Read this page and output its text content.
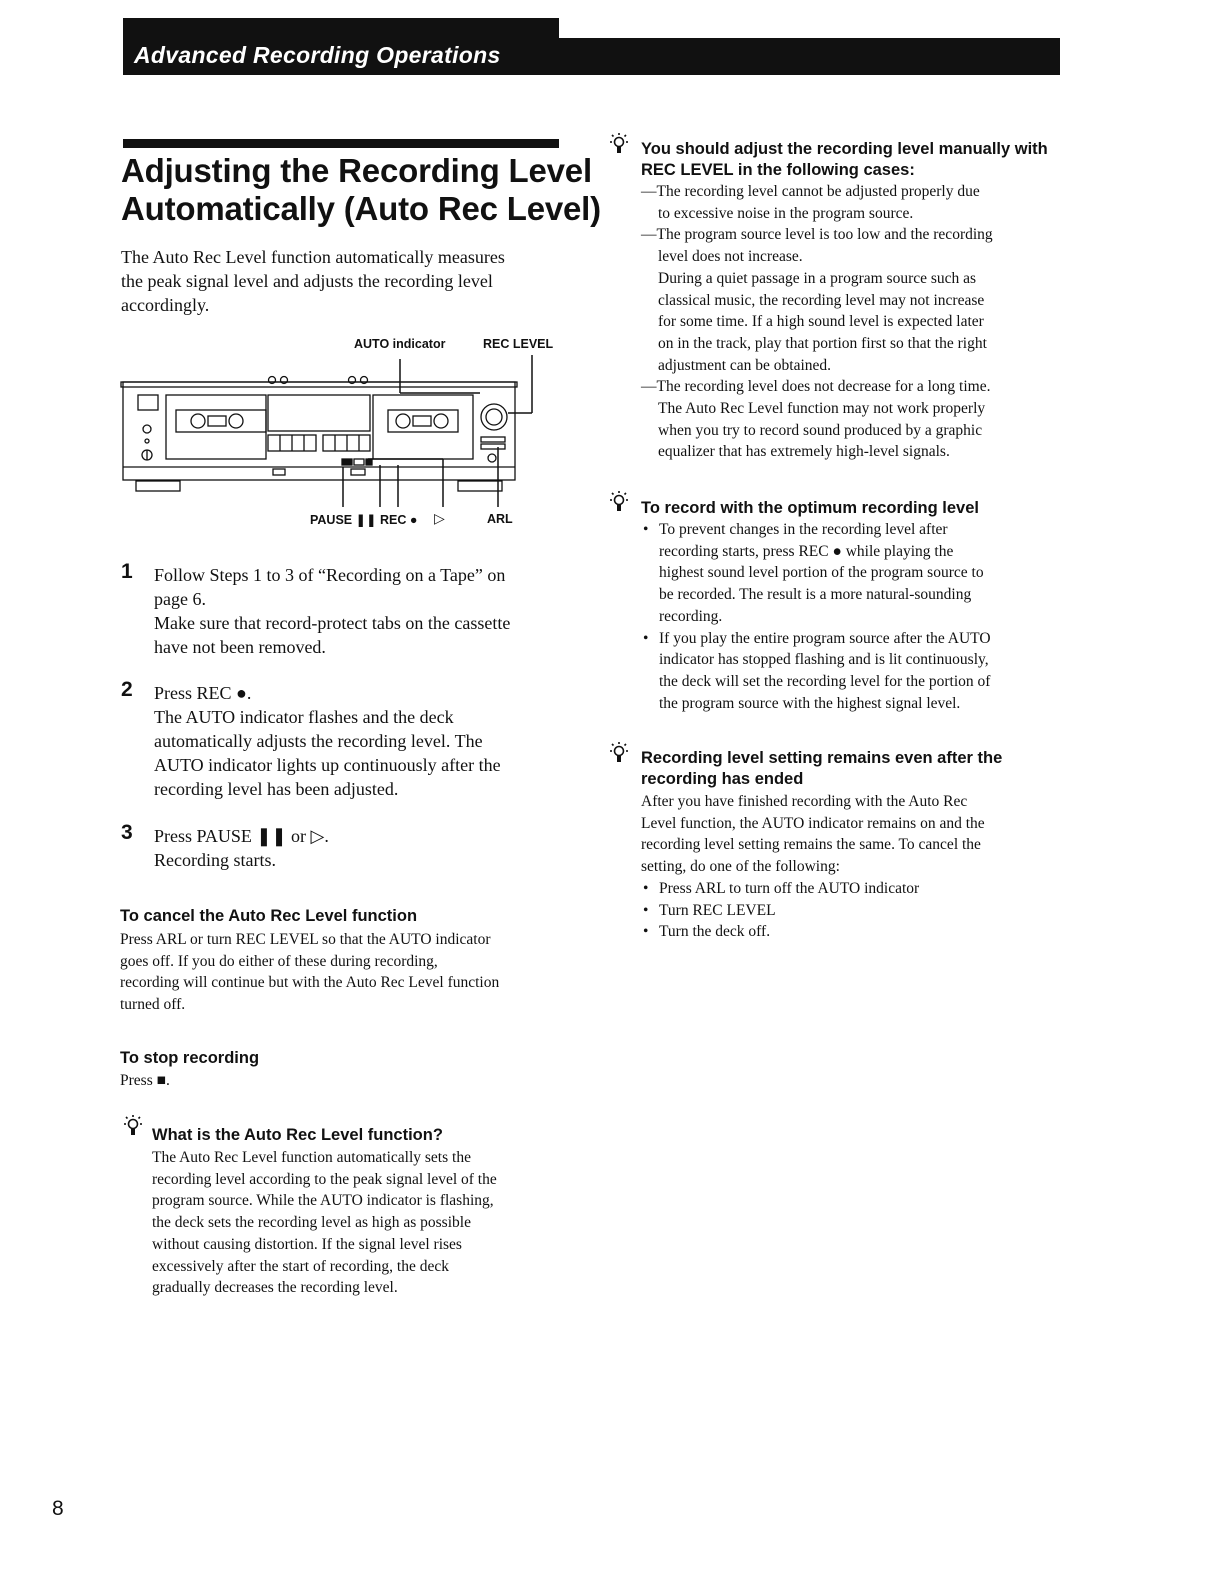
Advanced Recording Operations
Adjusting the Recording Level
Automatically (Auto Rec Level)
The Auto Rec Level function automatically measures
the peak signal level and adjusts the recording level
accordingly.
AUTO indicator	REC LEVEL
PAUSE ❚❚ REC ● ▷	ARL
1 Follow Steps 1 to 3 of “Recording on a Tape” on
page 6.
Make sure that record-protect tabs on the cassette
have not been removed.
2 Press REC ●.
The AUTO indicator flashes and the deck
automatically adjusts the recording level. The
AUTO indicator lights up continuously after the
recording level has been adjusted.
3 Press PAUSE ❚❚ or ▷.
Recording starts.
To cancel the Auto Rec Level function
Press ARL or turn REC LEVEL so that the AUTO indicator
goes off. If you do either of these during recording,
recording will continue but with the Auto Rec Level function
turned off.
To stop recording
Press ■.
What is the Auto Rec Level function?
The Auto Rec Level function automatically sets the
recording level according to the peak signal level of the
program source. While the AUTO indicator is flashing,
the deck sets the recording level as high as possible
without causing distortion. If the signal level rises
excessively after the start of recording, the deck
gradually decreases the recording level.
You should adjust the recording level manually with
REC LEVEL in the following cases:
—The recording level cannot be adjusted properly due
to excessive noise in the program source.
—The program source level is too low and the recording
level does not increase.
During a quiet passage in a program source such as
classical music, the recording level may not increase
for some time. If a high sound level is expected later
on in the track, play that portion first so that the right
adjustment can be obtained.
—The recording level does not decrease for a long time.
The Auto Rec Level function may not work properly
when you try to record sound produced by a graphic
equalizer that has extremely high-level signals.
To record with the optimum recording level
• To prevent changes in the recording level after
recording starts, press REC ● while playing the
highest sound level portion of the program source to
be recorded. The result is a more natural-sounding
recording.
• If you play the entire program source after the AUTO
indicator has stopped flashing and is lit continuously,
the deck will set the recording level for the portion of
the program source with the highest signal level.
Recording level setting remains even after the
recording has ended
After you have finished recording with the Auto Rec
Level function, the AUTO indicator remains on and the
recording level setting remains the same. To cancel the
setting, do one of the following:
• Press ARL to turn off the AUTO indicator
• Turn REC LEVEL
• Turn the deck off.
8
